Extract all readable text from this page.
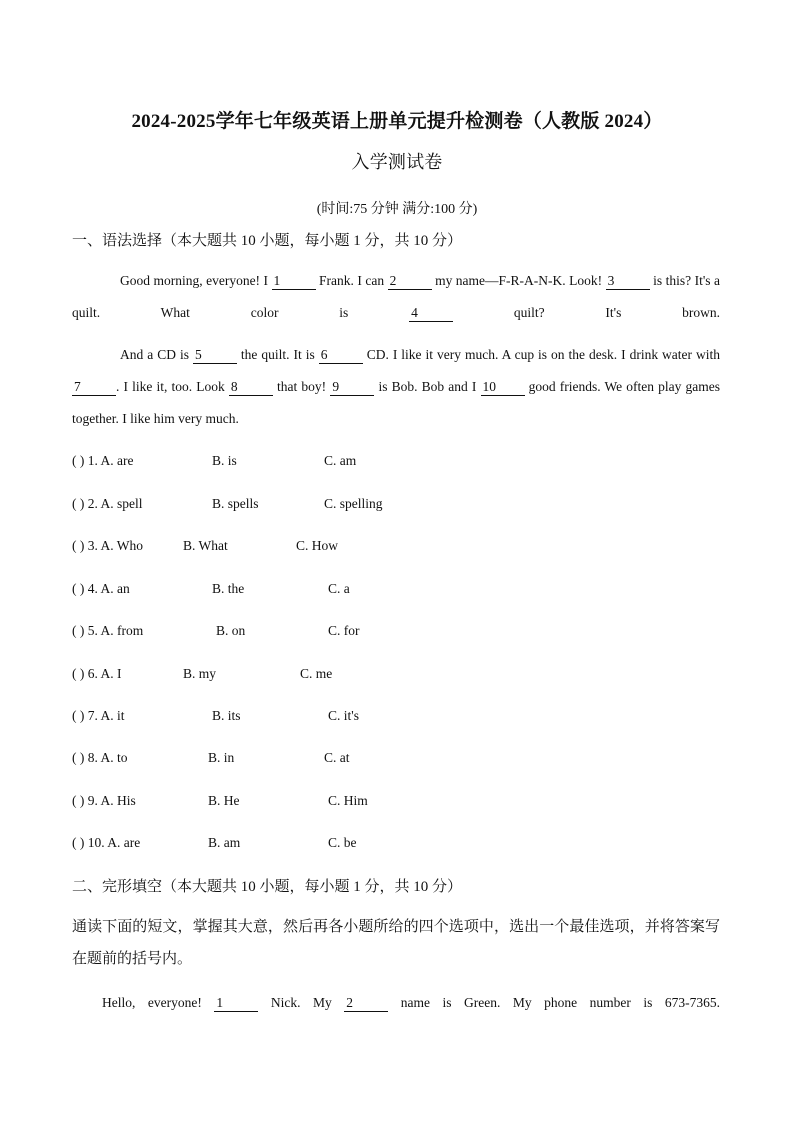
2024-2025学年七年级英语上册单元提升检测卷（人教版 2024）
入学测试卷
(时间:75 分钟 满分:100 分)
一、语法选择（本大题共 10 小题，每小题 1 分，共 10 分）
Good morning, everyone! I 1	Frank. I can 2	my name—F-R-A-N-K. Look! 3	is this? It's a quilt. What color is	4	quilt? It's brown.
And a CD is 5	the quilt. It is 6	CD. I like it very much. A cup is on the desk. I drink water with 7	. I like it, too. Look 8	that boy! 9	is Bob. Bob and I 10 good friends. We often play games together. I like him very much.
( ) 1. A. are	B. is	C. am
( ) 2. A. spell	B. spells	C. spelling
( ) 3. A. Who	B. What	C. How
( ) 4. A. an	B. the	C. a
( ) 5. A. from	B. on	C. for
( ) 6. A. I	B. my	C. me
( ) 7. A. it	B. its	C. it's
( ) 8. A. to	B. in	C. at
( ) 9. A. His	B. He	C. Him
( ) 10. A. are	B. am	C. be
二、完形填空（本大题共 10 小题，每小题 1 分，共 10 分）
通读下面的短文，掌握其大意，然后再各小题所给的四个选项中，选出一个最佳选项，并将答案写在题前的括号内。
Hello, everyone! 1	Nick. My 2	name is Green. My phone number is 673-7365.
